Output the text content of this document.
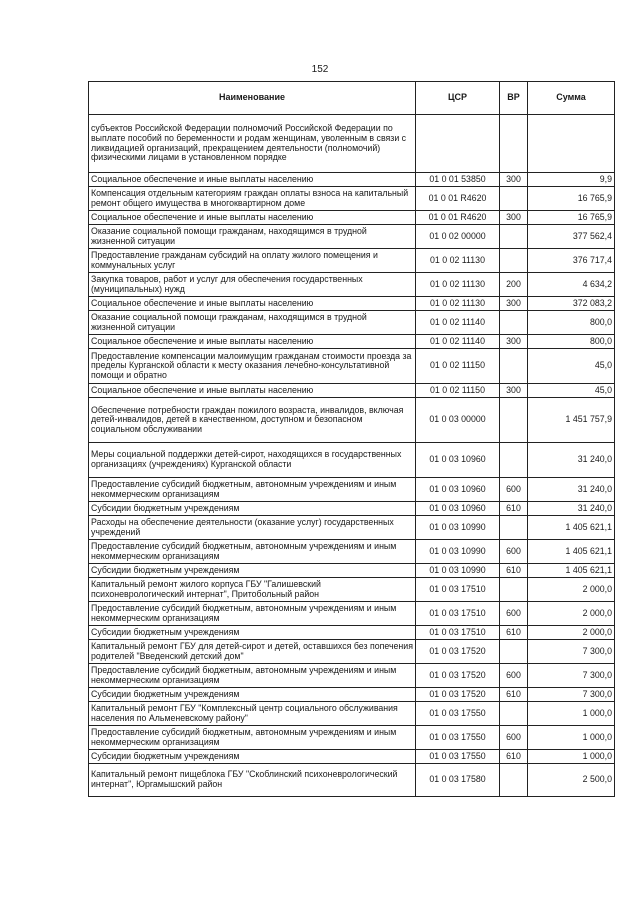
152
Наименование	ЦСР	ВР	Сумма
субъектов Российской Федерации полномочий Российской Федерации по выплате пособий по беременности и родам женщинам, уволенным в связи с ликвидацией организаций, прекращением деятельности (полномочий) физическими лицами в установленном порядке			
Социальное обеспечение и иные выплаты населению	01 0 01 53850	300	9,9
Компенсация отдельным категориям граждан оплаты взноса на капитальный ремонт общего имущества в многоквартирном доме	01 0 01 R4620		16 765,9
Социальное обеспечение и иные выплаты населению	01 0 01 R4620	300	16 765,9
Оказание социальной помощи гражданам, находящимся в трудной жизненной ситуации	01 0 02 00000		377 562,4
Предоставление гражданам субсидий на оплату жилого помещения и коммунальных услуг	01 0 02 11130		376 717,4
Закупка товаров, работ и услуг для обеспечения государственных (муниципальных) нужд	01 0 02 11130	200	4 634,2
Социальное обеспечение и иные выплаты населению	01 0 02 11130	300	372 083,2
Оказание социальной помощи гражданам, находящимся в трудной жизненной ситуации	01 0 02 11140		800,0
Социальное обеспечение и иные выплаты населению	01 0 02 11140	300	800,0
Предоставление компенсации малоимущим гражданам стоимости проезда за пределы Курганской области к месту оказания лечебно-консультативной помощи и обратно	01 0 02 11150		45,0
Социальное обеспечение и иные выплаты населению	01 0 02 11150	300	45,0
Обеспечение потребности граждан пожилого возраста, инвалидов, включая детей-инвалидов, детей в качественном, доступном и безопасном социальном обслуживании	01 0 03 00000		1 451 757,9
Меры социальной поддержки детей-сирот, находящихся в государственных организациях (учреждениях) Курганской области	01 0 03 10960		31 240,0
Предоставление субсидий бюджетным, автономным учреждениям и иным некоммерческим организациям	01 0 03 10960	600	31 240,0
Субсидии бюджетным учреждениям	01 0 03 10960	610	31 240,0
Расходы на обеспечение деятельности (оказание услуг) государственных учреждений	01 0 03 10990		1 405 621,1
Предоставление субсидий бюджетным, автономным учреждениям и иным некоммерческим организациям	01 0 03 10990	600	1 405 621,1
Субсидии бюджетным учреждениям	01 0 03 10990	610	1 405 621,1
Капитальный ремонт жилого корпуса ГБУ "Галишевский психоневрологический интернат", Притобольный район	01 0 03 17510		2 000,0
Предоставление субсидий бюджетным, автономным учреждениям и иным некоммерческим организациям	01 0 03 17510	600	2 000,0
Субсидии бюджетным учреждениям	01 0 03 17510	610	2 000,0
Капитальный ремонт ГБУ для детей-сирот и детей, оставшихся без попечения родителей "Введенский детский дом"	01 0 03 17520		7 300,0
Предоставление субсидий бюджетным, автономным учреждениям и иным некоммерческим организациям	01 0 03 17520	600	7 300,0
Субсидии бюджетным учреждениям	01 0 03 17520	610	7 300,0
Капитальный ремонт ГБУ "Комплексный центр социального обслуживания населения по Альменевскому району"	01 0 03 17550		1 000,0
Предоставление субсидий бюджетным, автономным учреждениям и иным некоммерческим организациям	01 0 03 17550	600	1 000,0
Субсидии бюджетным учреждениям	01 0 03 17550	610	1 000,0
Капитальный ремонт пищеблока ГБУ "Скоблинский психоневрологический интернат", Юргамышский район	01 0 03 17580		2 500,0
